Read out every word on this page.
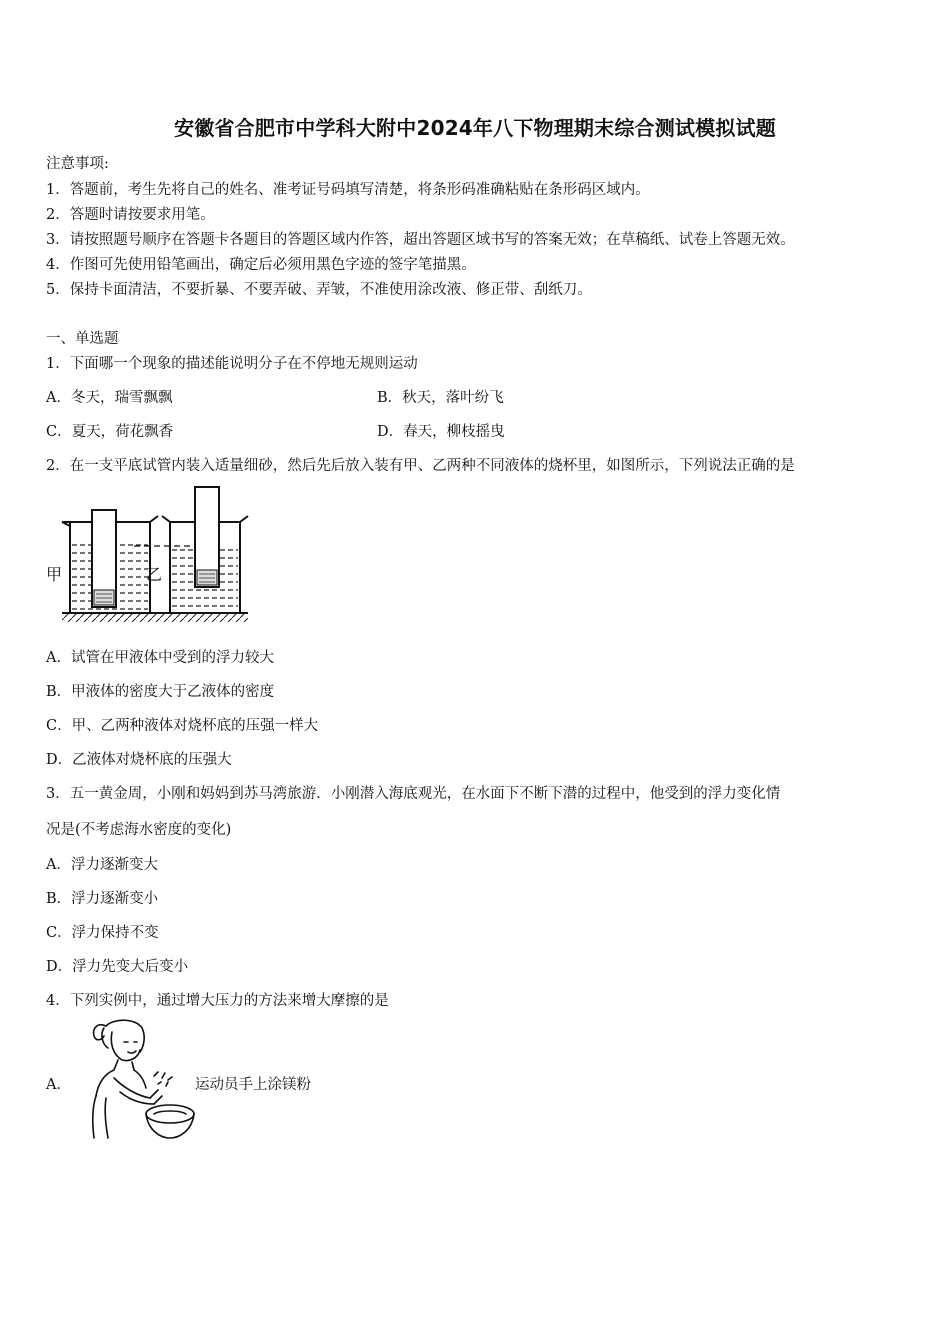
安徽省合肥市中学科大附中2024年八下物理期末综合测试模拟试题
注意事项:
1．答题前，考生先将自己的姓名、准考证号码填写清楚，将条形码准确粘贴在条形码区域内。
2．答题时请按要求用笔。
3．请按照题号顺序在答题卡各题目的答题区域内作答，超出答题区域书写的答案无效；在草稿纸、试卷上答题无效。
4．作图可先使用铅笔画出，确定后必须用黑色字迹的签字笔描黑。
5．保持卡面清洁，不要折暴、不要弄破、弄皱，不准使用涂改液、修正带、刮纸刀。
一、单选题
1．下面哪一个现象的描述能说明分子在不停地无规则运动
A．冬天，瑞雪飘飘	B．秋天，落叶纷飞
C．夏天，荷花飘香	D．春天，柳枝摇曳
2．在一支平底试管内装入适量细砂，然后先后放入装有甲、乙两种不同液体的烧杯里，如图所示，下列说法正确的是
甲	乙
A．试管在甲液体中受到的浮力较大
B．甲液体的密度大于乙液体的密度
C．甲、乙两种液体对烧杯底的压强一样大
D．乙液体对烧杯底的压强大
3．五一黄金周，小刚和妈妈到苏马湾旅游．小刚潜入海底观光，在水面下不断下潜的过程中，他受到的浮力变化情
况是(不考虑海水密度的变化)
A．浮力逐渐变大
B．浮力逐渐变小
C．浮力保持不变
D．浮力先变大后变小
4．下列实例中，通过增大压力的方法来增大摩擦的是
A．	运动员手上涂镁粉
